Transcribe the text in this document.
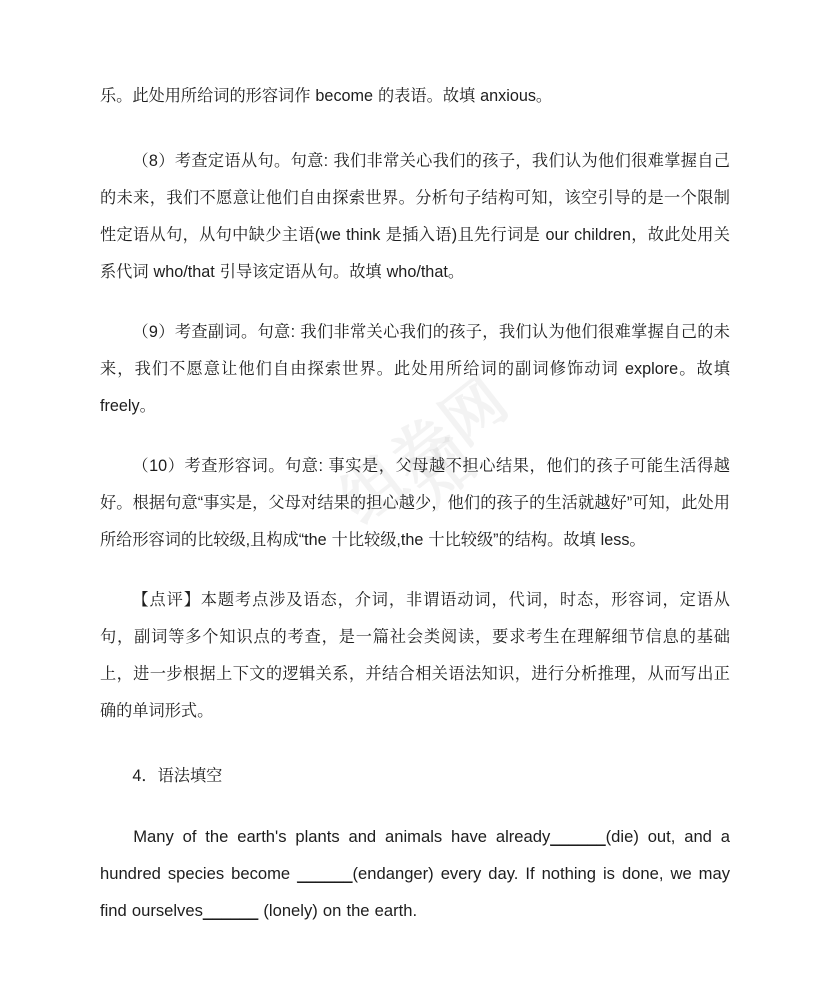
乐。此处用所给词的形容词作 become 的表语。故填 anxious。

（8）考查定语从句。句意: 我们非常关心我们的孩子，我们认为他们很难掌握自己的未来，我们不愿意让他们自由探索世界。分析句子结构可知，该空引导的是一个限制性定语从句，从句中缺少主语(we think 是插入语)且先行词是 our children，故此处用关系代词 who/that 引导该定语从句。故填 who/that。

（9）考查副词。句意: 我们非常关心我们的孩子，我们认为他们很难掌握自己的未来，我们不愿意让他们自由探索世界。此处用所给词的副词修饰动词 explore。故填 freely。

（10）考查形容词。句意: 事实是，父母越不担心结果，他们的孩子可能生活得越好。根据句意“事实是，父母对结果的担心越少，他们的孩子的生活就越好”可知，此处用所给形容词的比较级,且构成“the 十比较级,the 十比较级”的结构。故填 less。

【点评】本题考点涉及语态，介词，非谓语动词，代词，时态，形容词，定语从句，副词等多个知识点的考查，是一篇社会类阅读，要求考生在理解细节信息的基础上，进一步根据上下文的逻辑关系，并结合相关语法知识，进行分析推理，从而写出正确的单词形式。

4．语法填空

Many of the earth's plants and animals have already______(die) out, and a hundred species become ______(endanger) every day. If nothing is done, we may find ourselves______ (lonely) on the earth.
